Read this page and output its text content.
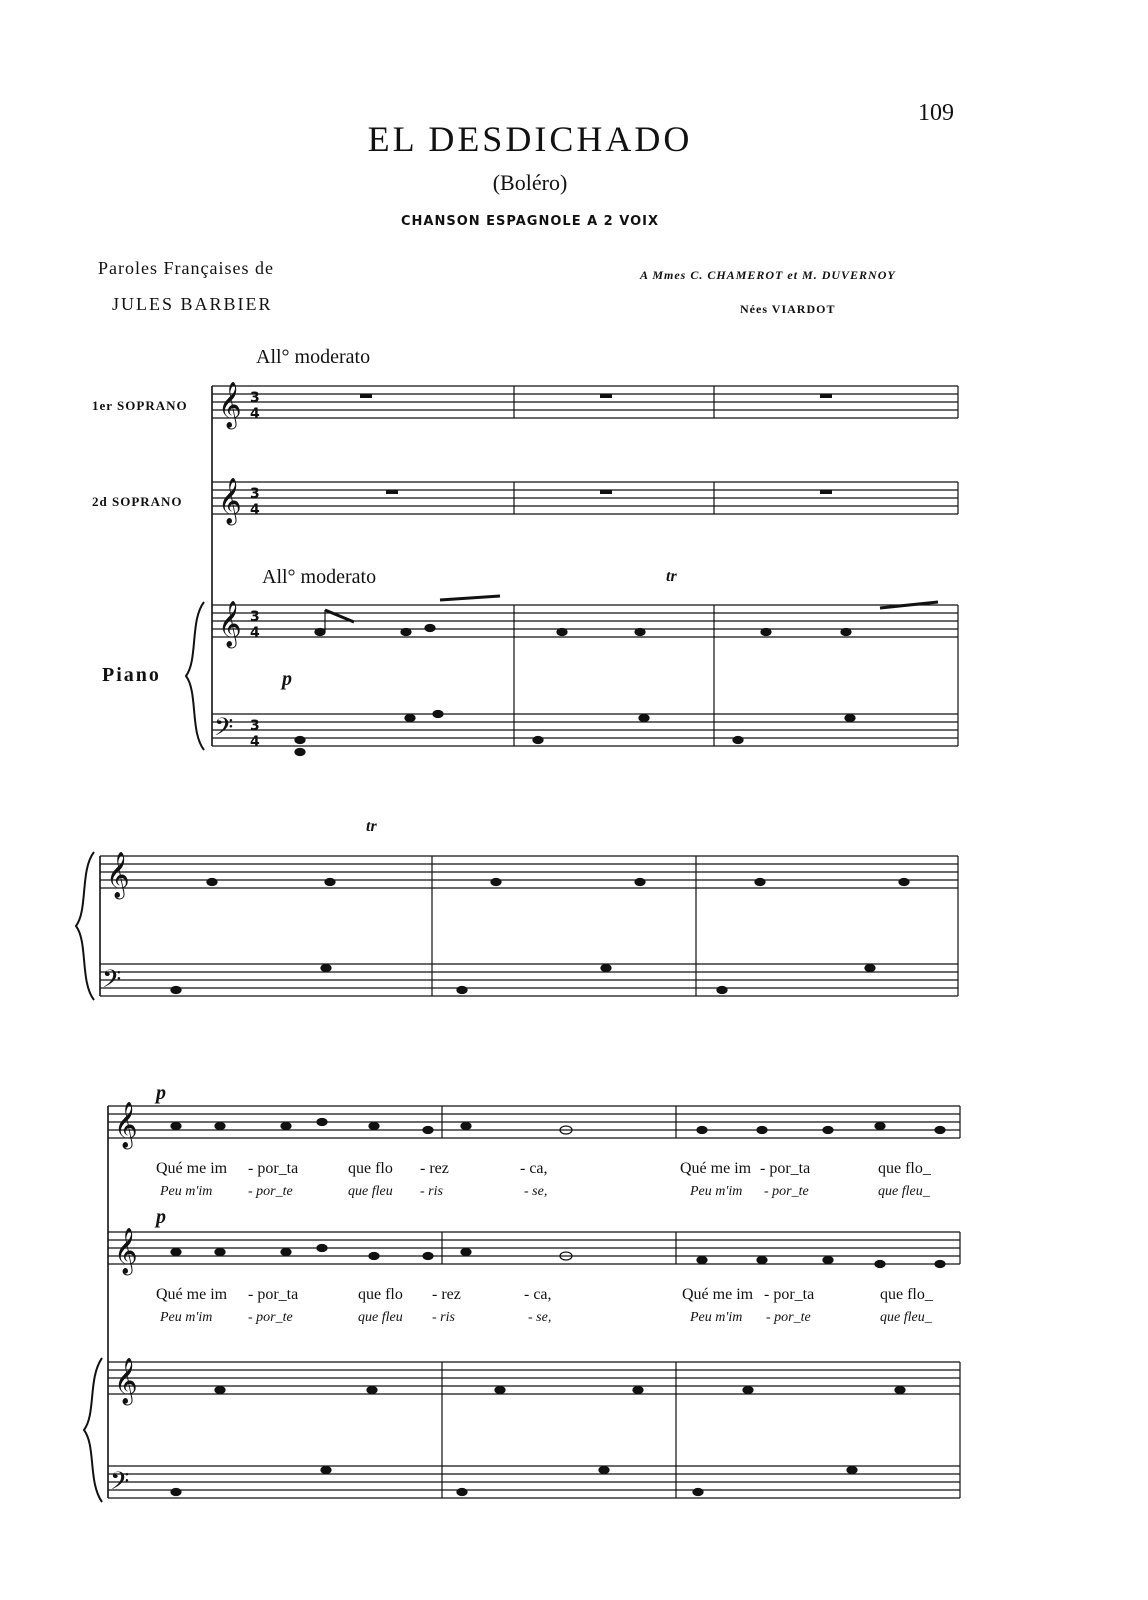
109
EL DESDICHADO
(Boléro)
CHANSON ESPAGNOLE A 2 VOIX
Paroles Françaises de
JULES BARBIER
A Mmes C. CHAMEROT et M. DUVERNOY
Nées VIARDOT
All° moderato
1er SOPRANO
2d SOPRANO
All° moderato
Piano
𝄞
𝄞
𝄞
𝄢
3
4
3
4
3
4
3
4
𝄞
𝄢
𝄞
𝄞
𝄞
𝄢
p
tr
tr
p
p
Qué me im - por_ta	que flo - rez	- ca,	Qué me im - por_ta	que flo_
Peu m'im	- por_te	que fleu - ris	- se,	Peu m'im - por_te	que fleu_
Qué me im - por_ta	que flo - rez	- ca,	Qué me im - por_ta	que flo_
Peu m'im	- por_te	que fleu - ris	- se,	Peu m'im - por_te	que fleu_
